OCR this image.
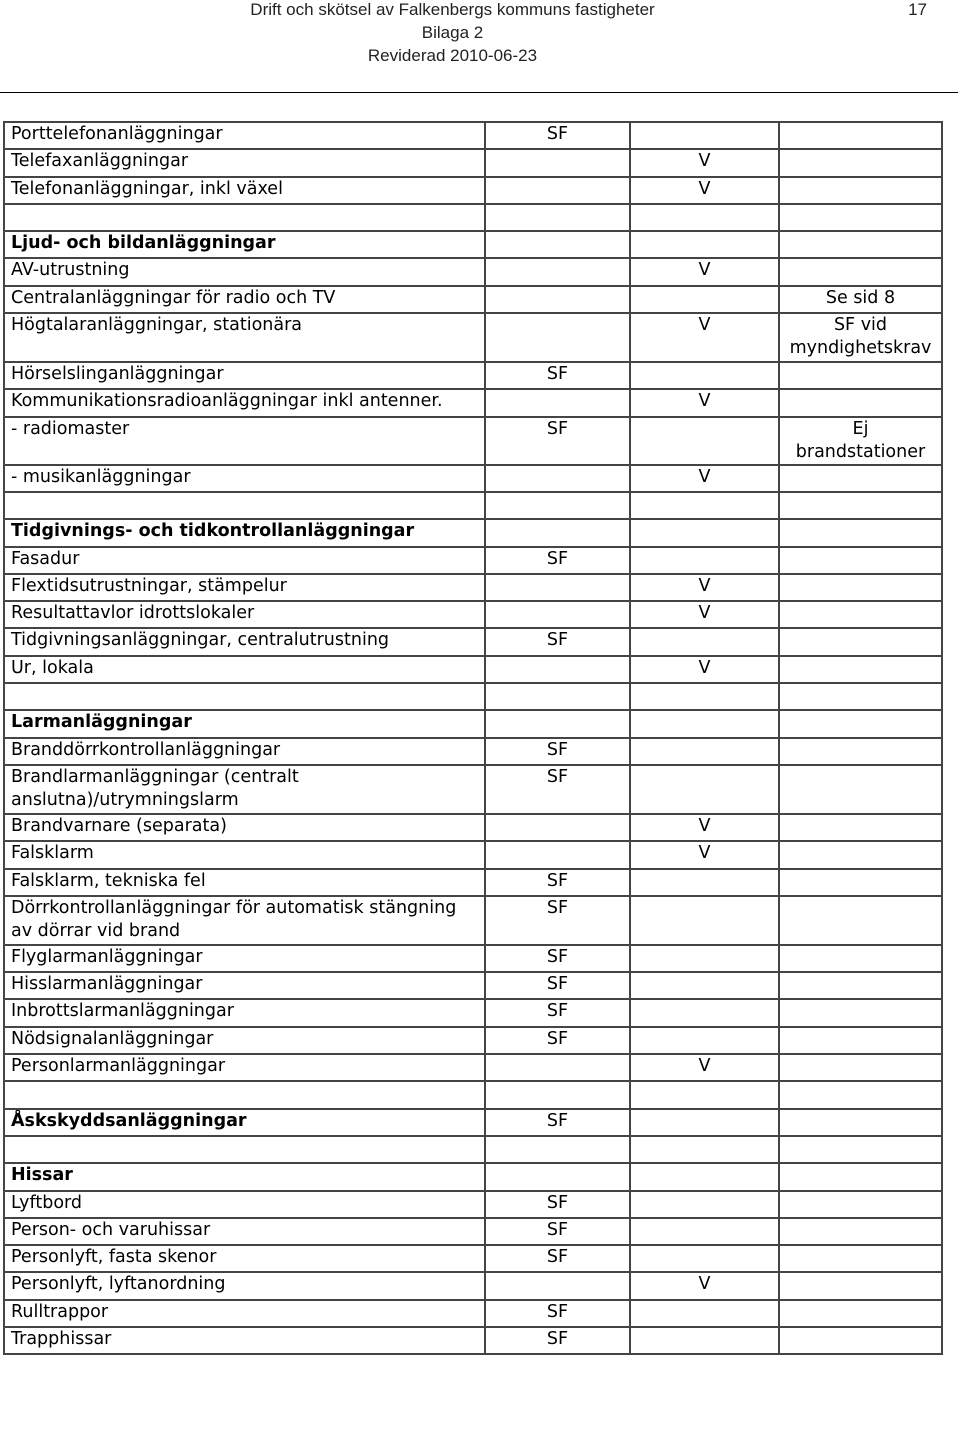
Drift och skötsel av Falkenbergs kommuns fastigheter	17
Bilaga 2
Reviderad 2010-06-23
Porttelefonanläggningar	SF		
Telefaxanläggningar		V	
Telefonanläggningar, inkl växel		V	

Ljud- och bildanläggningar			
AV-utrustning		V	
Centralanläggningar för radio och TV			Se sid 8
Högtalaranläggningar, stationära		V	SF vid myndighetskrav
Hörselslinganläggningar	SF		
Kommunikationsradioanläggningar inkl antenner.		V	
- radiomaster	SF		Ej brandstationer
- musikanläggningar		V	

Tidgivnings- och tidkontrollanläggningar			
Fasadur	SF		
Flextidsutrustningar, stämpelur		V	
Resultattavlor idrottslokaler		V	
Tidgivningsanläggningar, centralutrustning	SF		
Ur, lokala		V	

Larmanläggningar			
Branddörrkontrollanläggningar	SF		
Brandlarmanläggningar (centralt anslutna)/utrymningslarm	SF		
Brandvarnare (separata)		V	
Falsklarm		V	
Falsklarm, tekniska fel	SF		
Dörrkontrollanläggningar för automatisk stängning av dörrar vid brand	SF		
Flyglarmanläggningar	SF		
Hisslarmanläggningar	SF		
Inbrottslarmanläggningar	SF		
Nödsignalanläggningar	SF		
Personlarmanläggningar		V	

Åskskyddsanläggningar	SF		

Hissar			
Lyftbord	SF		
Person- och varuhissar	SF		
Personlyft, fasta skenor	SF		
Personlyft, lyftanordning		V	
Rulltrappor	SF		
Trapphissar	SF		
